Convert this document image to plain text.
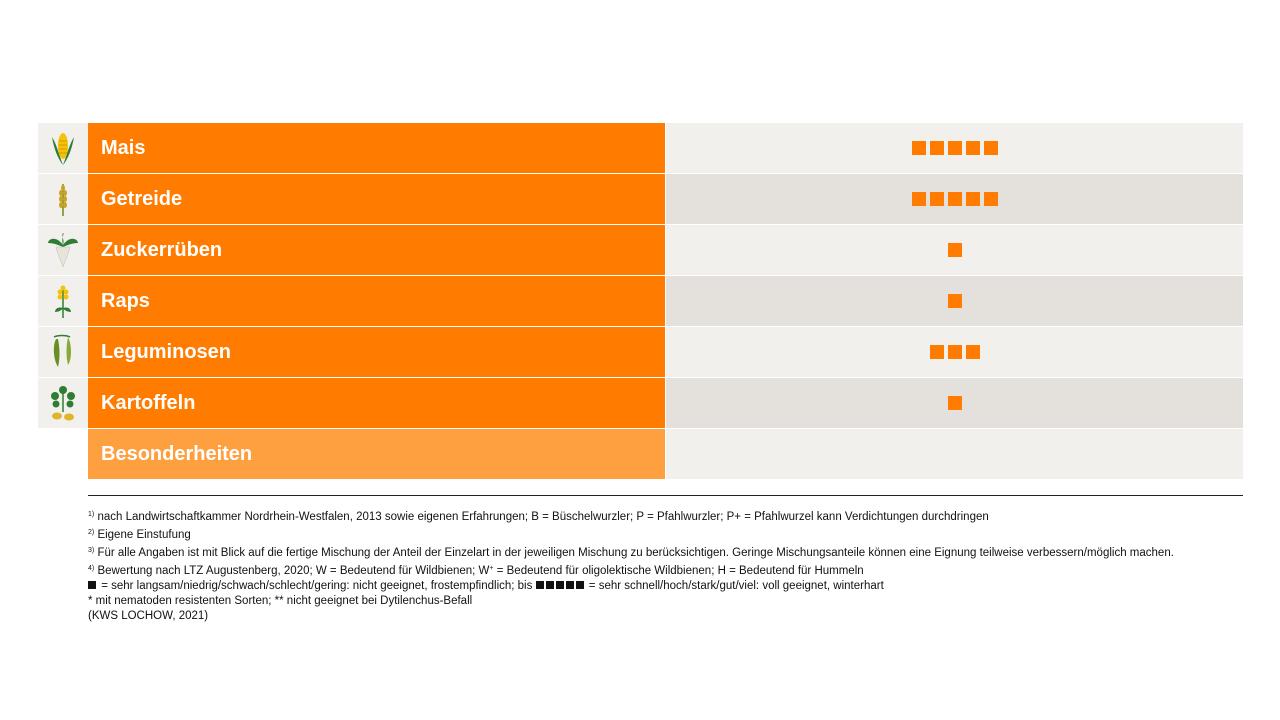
Mais
Getreide
Zuckerrüben
Raps
Leguminosen
Kartoffeln
Besonderheiten
$^{1)}$ nach Landwirtschaftkammer Nordrhein-Westfalen, 2013 sowie eigenen Erfahrungen; B = Büschelwurzler; P = Pfahlwurzler; P+ = Pfahlwurzel kann Verdichtungen durchdringen
$^{2)}$ Eigene Einstufung
$^{3)}$ Für alle Angaben ist mit Blick auf die fertige Mischung der Anteil der Einzelart in der jeweiligen Mischung zu berücksichtigen. Geringe Mischungsanteile können eine Eignung teilweise verbessern/möglich machen.
$^{4)}$ Bewertung nach LTZ Augustenberg, 2020; W = Bedeutend für Wildbienen; W+ = Bedeutend für oligolektische Wildbienen; H = Bedeutend für Hummeln
= sehr langsam/niedrig/schwach/schlecht/gering: nicht geeignet, frostempfindlich; bis	= sehr schnell/hoch/stark/gut/viel: voll geeignet, winterhart
* mit nematoden resistenten Sorten; ** nicht geeignet bei Dytilenchus-Befall
(KWS LOCHOW, 2021)
